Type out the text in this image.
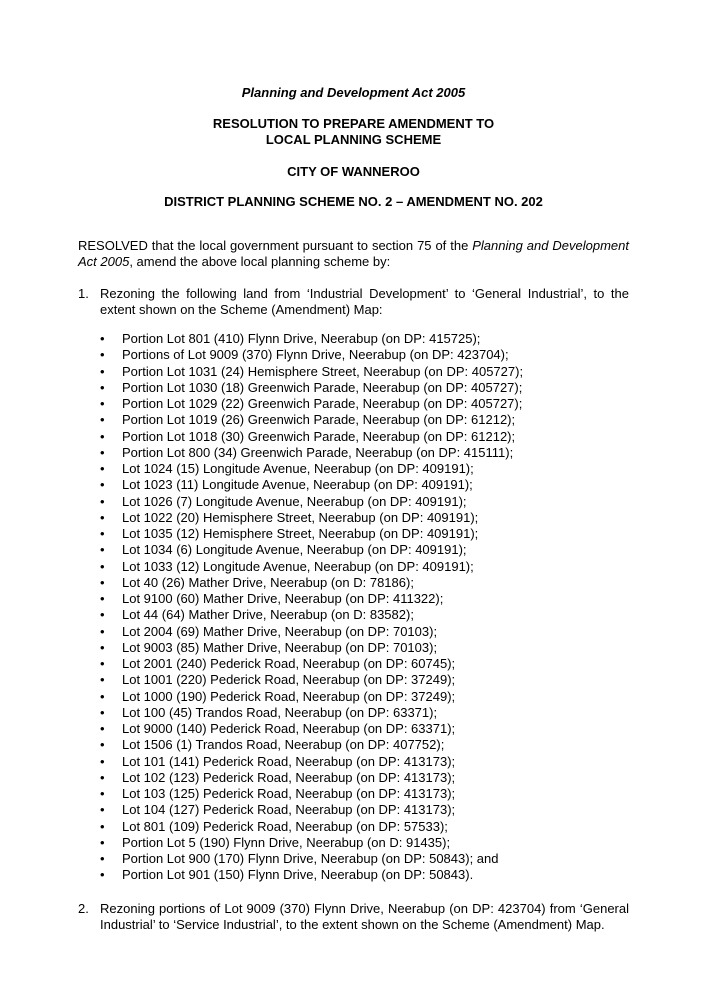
Planning and Development Act 2005
RESOLUTION TO PREPARE AMENDMENT TO
LOCAL PLANNING SCHEME
CITY OF WANNEROO
DISTRICT PLANNING SCHEME NO. 2 – AMENDMENT NO. 202
RESOLVED that the local government pursuant to section 75 of the Planning and Development Act 2005, amend the above local planning scheme by:
1. Rezoning the following land from ‘Industrial Development’ to ‘General Industrial’, to the extent shown on the Scheme (Amendment) Map:
• Portion Lot 801 (410) Flynn Drive, Neerabup (on DP: 415725);
• Portions of Lot 9009 (370) Flynn Drive, Neerabup (on DP: 423704);
• Portion Lot 1031 (24) Hemisphere Street, Neerabup (on DP: 405727);
• Portion Lot 1030 (18) Greenwich Parade, Neerabup (on DP: 405727);
• Portion Lot 1029 (22) Greenwich Parade, Neerabup (on DP: 405727);
• Portion Lot 1019 (26) Greenwich Parade, Neerabup (on DP: 61212);
• Portion Lot 1018 (30) Greenwich Parade, Neerabup (on DP: 61212);
• Portion Lot 800 (34) Greenwich Parade, Neerabup (on DP: 415111);
• Lot 1024 (15) Longitude Avenue, Neerabup (on DP: 409191);
• Lot 1023 (11) Longitude Avenue, Neerabup (on DP: 409191);
• Lot 1026 (7) Longitude Avenue, Neerabup (on DP: 409191);
• Lot 1022 (20) Hemisphere Street, Neerabup (on DP: 409191);
• Lot 1035 (12) Hemisphere Street, Neerabup (on DP: 409191);
• Lot 1034 (6) Longitude Avenue, Neerabup (on DP: 409191);
• Lot 1033 (12) Longitude Avenue, Neerabup (on DP: 409191);
• Lot 40 (26) Mather Drive, Neerabup (on D: 78186);
• Lot 9100 (60) Mather Drive, Neerabup (on DP: 411322);
• Lot 44 (64) Mather Drive, Neerabup (on D: 83582);
• Lot 2004 (69) Mather Drive, Neerabup (on DP: 70103);
• Lot 9003 (85) Mather Drive, Neerabup (on DP: 70103);
• Lot 2001 (240) Pederick Road, Neerabup (on DP: 60745);
• Lot 1001 (220) Pederick Road, Neerabup (on DP: 37249);
• Lot 1000 (190) Pederick Road, Neerabup (on DP: 37249);
• Lot 100 (45) Trandos Road, Neerabup (on DP: 63371);
• Lot 9000 (140) Pederick Road, Neerabup (on DP: 63371);
• Lot 1506 (1) Trandos Road, Neerabup (on DP: 407752);
• Lot 101 (141) Pederick Road, Neerabup (on DP: 413173);
• Lot 102 (123) Pederick Road, Neerabup (on DP: 413173);
• Lot 103 (125) Pederick Road, Neerabup (on DP: 413173);
• Lot 104 (127) Pederick Road, Neerabup (on DP: 413173);
• Lot 801 (109) Pederick Road, Neerabup (on DP: 57533);
• Portion Lot 5 (190) Flynn Drive, Neerabup (on D: 91435);
• Portion Lot 900 (170) Flynn Drive, Neerabup (on DP: 50843); and
• Portion Lot 901 (150) Flynn Drive, Neerabup (on DP: 50843).
2. Rezoning portions of Lot 9009 (370) Flynn Drive, Neerabup (on DP: 423704) from ‘General Industrial’ to ‘Service Industrial’, to the extent shown on the Scheme (Amendment) Map.
